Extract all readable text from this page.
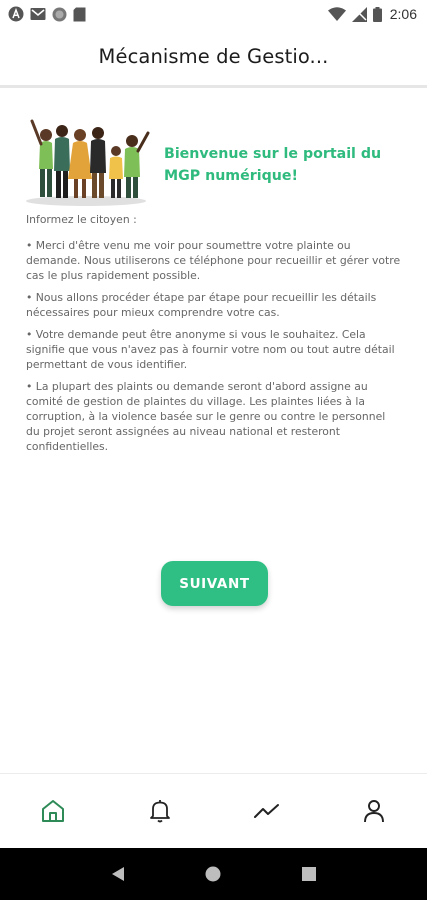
2:06
Mécanisme de Gestio...
Bienvenue sur le portail du MGP numérique!

Informez le citoyen :

• Merci d'être venu me voir pour soumettre votre plainte ou demande. Nous utiliserons ce téléphone pour recueillir et gérer votre cas le plus rapidement possible.

• Nous allons procéder étape par étape pour recueillir les détails nécessaires pour mieux comprendre votre cas.

• Votre demande peut être anonyme si vous le souhaitez. Cela signifie que vous n'avez pas à fournir votre nom ou tout autre détail permettant de vous identifier.

• La plupart des plaints ou demande seront d'abord assigne au comité de gestion de plaintes du village. Les plaintes liées à la corruption, à la violence basée sur le genre ou contre le personnel du projet seront assignées au niveau national et resteront confidentielles.

SUIVANT
